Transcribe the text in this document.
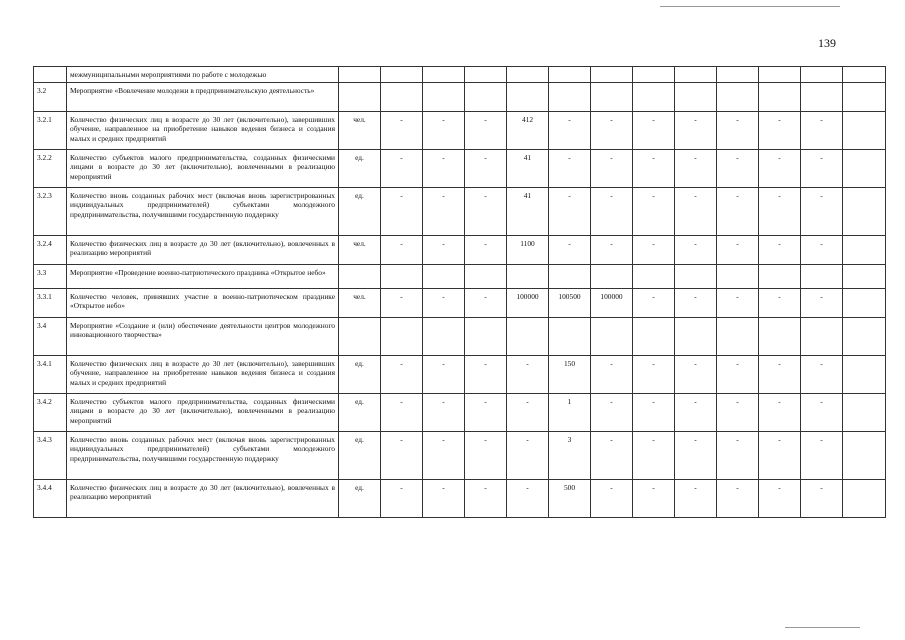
139
	межмуниципальными мероприятиями по работе с молодежью													
3.2	Мероприятие «Вовлечение молодежи в предпринимательскую деятельность»													
3.2.1	Количество физических лиц в возрасте до 30 лет (включительно), завершивших обучение, направленное на приобретение навыков ведения бизнеса и создания малых и средних предприятий	чел.	-	-	-	412	-	-	-	-	-	-	-	
3.2.2	Количество субъектов малого предпринимательства, созданных физическими лицами в возрасте до 30 лет (включительно), вовлеченными в реализацию мероприятий	ед.	-	-	-	41	-	-	-	-	-	-	-	
3.2.3	Количество вновь созданных рабочих мест (включая вновь зарегистрированных индивидуальных предпринимателей) субъектами молодежного предпринимательства, получившими государственную поддержку	ед.	-	-	-	41	-	-	-	-	-	-	-	
3.2.4	Количество физических лиц в возрасте до 30 лет (включительно), вовлеченных в реализацию мероприятий	чел.	-	-	-	1100	-	-	-	-	-	-	-	
3.3	Мероприятие «Проведение военно-патриотического праздника «Открытое небо»													
3.3.1	Количество человек, принявших участие в военно-патриотическом празднике «Открытое небо»	чел.	-	-	-	100000	100500	100000	-	-	-	-	-	
3.4	Мероприятие «Создание и (или) обеспечение деятельности центров молодежного инновационного творчества»													
3.4.1	Количество физических лиц в возрасте до 30 лет (включительно), завершивших обучение, направленное на приобретение навыков ведения бизнеса и создания малых и средних предприятий	ед.	-	-	-	-	150	-	-	-	-	-	-	
3.4.2	Количество субъектов малого предпринимательства, созданных физическими лицами в возрасте до 30 лет (включительно), вовлеченными в реализацию мероприятий	ед.	-	-	-	-	1	-	-	-	-	-	-	
3.4.3	Количество вновь созданных рабочих мест (включая вновь зарегистрированных индивидуальных предпринимателей) субъектами молодежного предпринимательства, получившими государственную поддержку	ед.	-	-	-	-	3	-	-	-	-	-	-	
3.4.4	Количество физических лиц в возрасте до 30 лет (включительно), вовлеченных в реализацию мероприятий	ед.	-	-	-	-	500	-	-	-	-	-	-	
